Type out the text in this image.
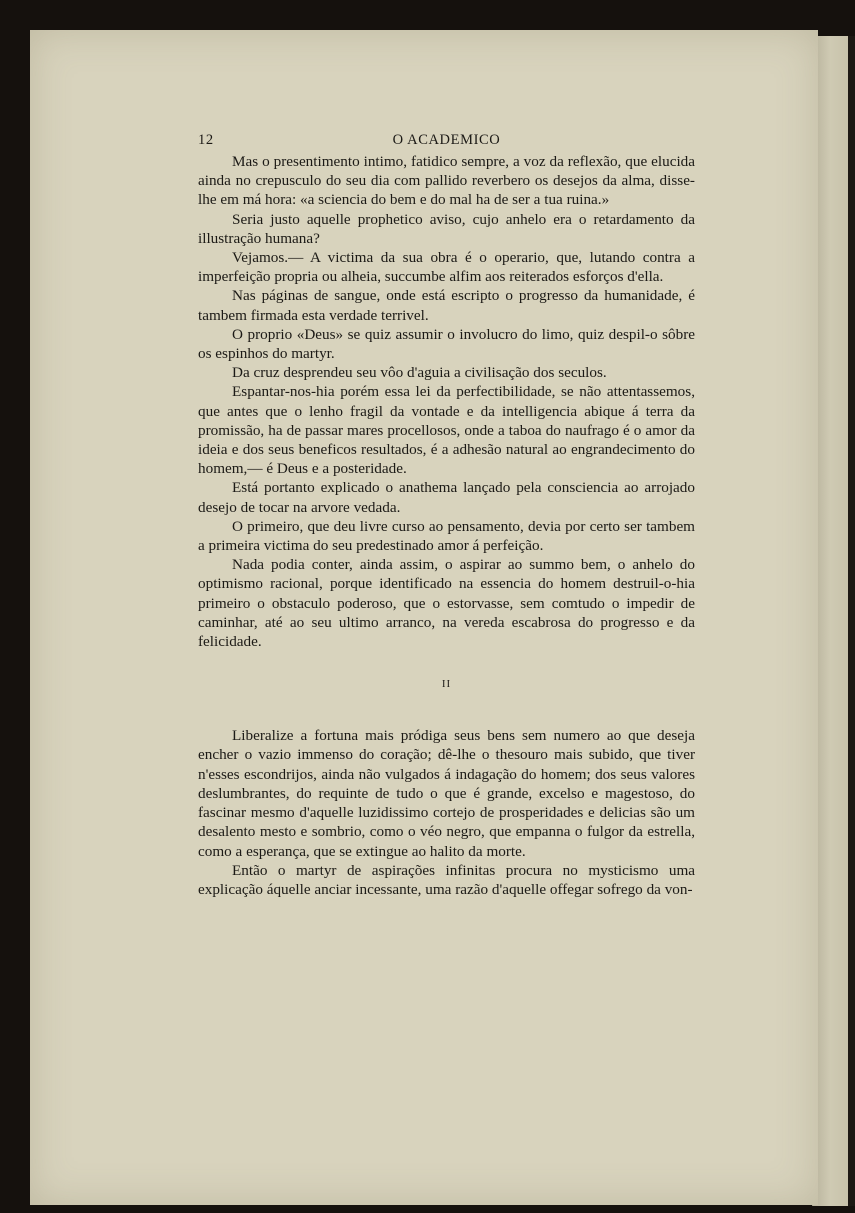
12	O ACADEMICO

Mas o presentimento intimo, fatidico sempre, a voz da reflexão, que elucida ainda no crepusculo do seu dia com pallido reverbero os desejos da alma, disse-lhe em má hora: «a sciencia do bem e do mal ha de ser a tua ruina.»

Seria justo aquelle prophetico aviso, cujo anhelo era o retardamento da illustração humana?

Vejamos.— A victima da sua obra é o operario, que, lutando contra a imperfeição propria ou alheia, succumbe alfim aos reiterados esforços d'ella.

Nas páginas de sangue, onde está escripto o progresso da humanidade, é tambem firmada esta verdade terrivel.

O proprio «Deus» se quiz assumir o involucro do limo, quiz despil-o sôbre os espinhos do martyr.

Da cruz desprendeu seu vôo d'aguia a civilisação dos seculos.

Espantar-nos-hia porém essa lei da perfectibilidade, se não attentassemos, que antes que o lenho fragil da vontade e da intelligencia abique á terra da promissão, ha de passar mares procellosos, onde a taboa do naufrago é o amor da ideia e dos seus beneficos resultados, é a adhesão natural ao engrandecimento do homem,— é Deus e a posteridade.

Está portanto explicado o anathema lançado pela consciencia ao arrojado desejo de tocar na arvore vedada.

O primeiro, que deu livre curso ao pensamento, devia por certo ser tambem a primeira victima do seu predestinado amor á perfeição.

Nada podia conter, ainda assim, o aspirar ao summo bem, o anhelo do optimismo racional, porque identificado na essencia do homem destruil-o-hia primeiro o obstaculo poderoso, que o estorvasse, sem comtudo o impedir de caminhar, até ao seu ultimo arranco, na vereda escabrosa do progresso e da felicidade.

II

Liberalize a fortuna mais pródiga seus bens sem numero ao que deseja encher o vazio immenso do coração; dê-lhe o thesouro mais subido, que tiver n'esses escondrijos, ainda não vulgados á indagação do homem; dos seus valores deslumbrantes, do requinte de tudo o que é grande, excelso e magestoso, do fascinar mesmo d'aquelle luzidissimo cortejo de prosperidades e delicias são um desalento mesto e sombrio, como o véo negro, que empanna o fulgor da estrella, como a esperança, que se extingue ao halito da morte.

Então o martyr de aspirações infinitas procura no mysticismo uma explicação áquelle anciar incessante, uma razão d'aquelle offegar sofrego da von-
